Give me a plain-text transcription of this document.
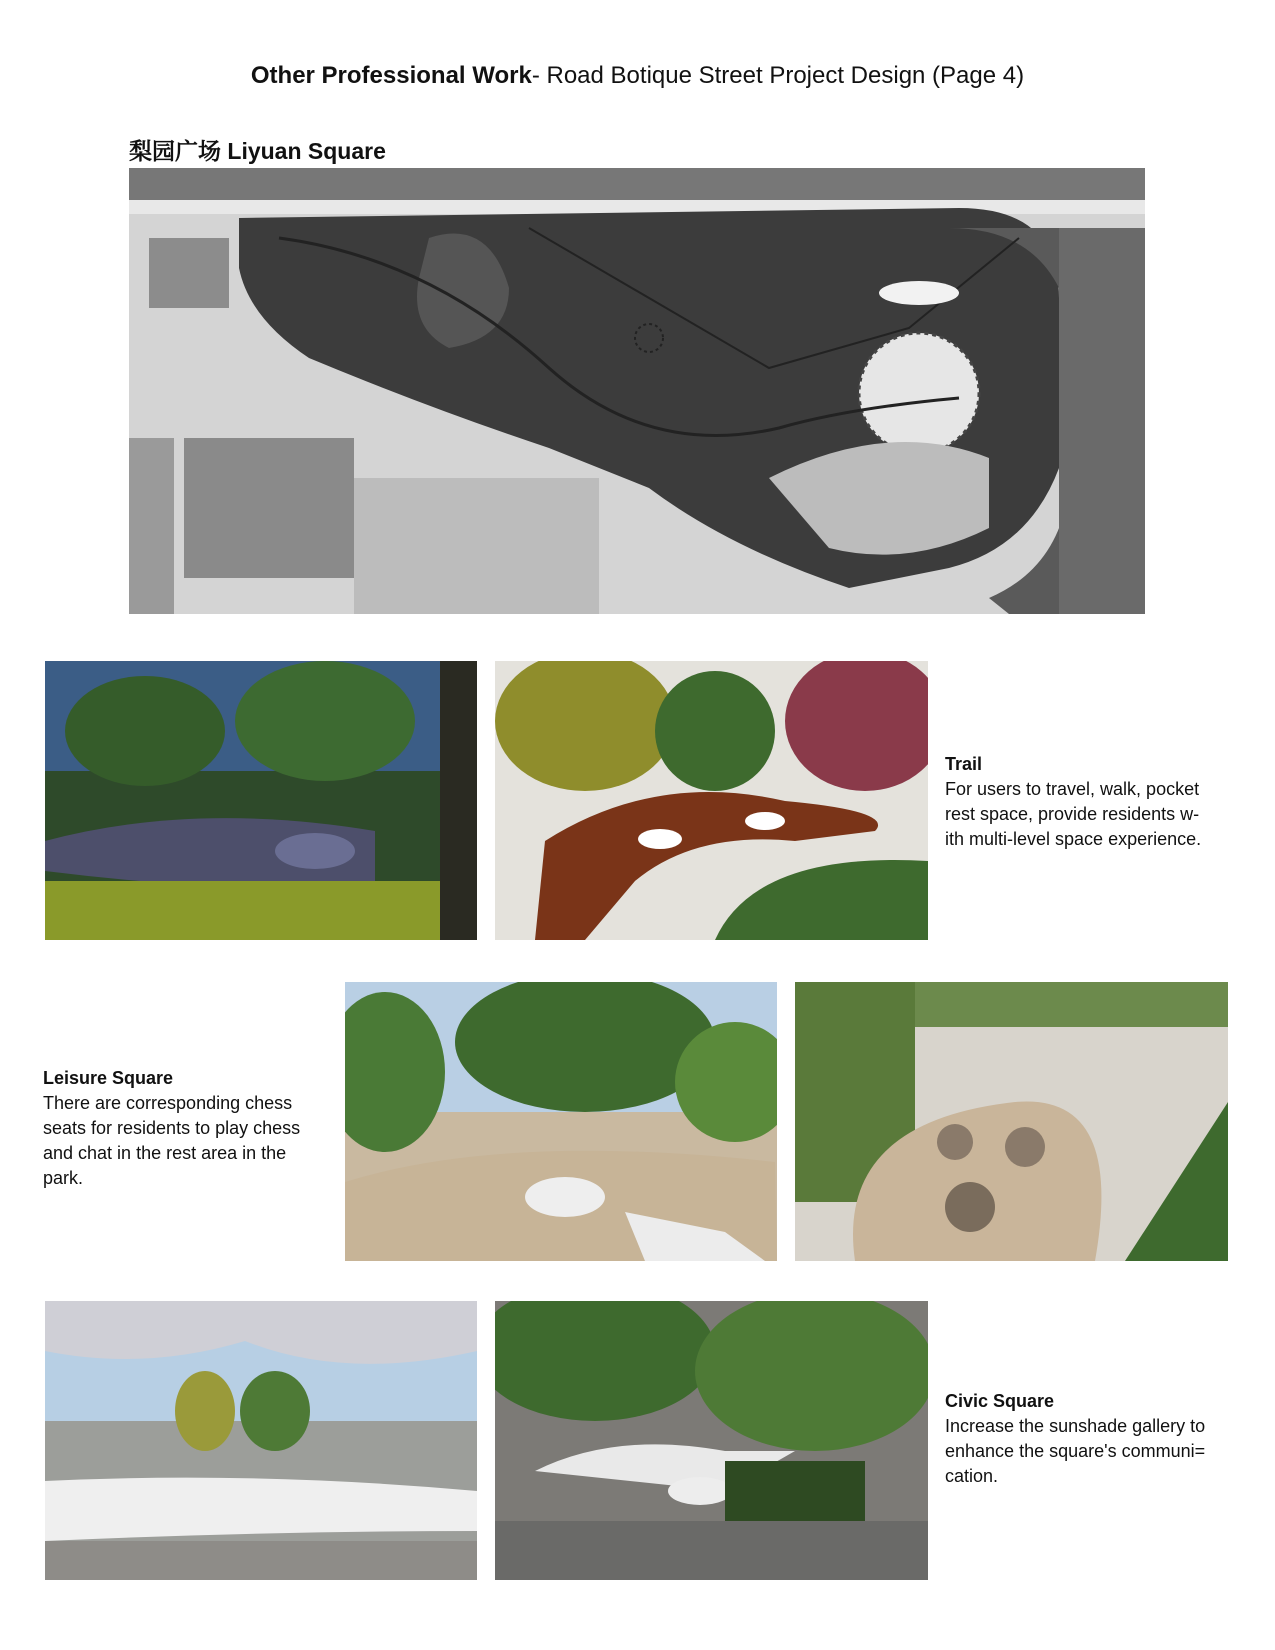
Other Professional Work- Road Botique Street Project Design (Page 4)
梨园广场 Liyuan Square
Trail
For users to travel, walk, pocket
rest space, provide residents w-
ith multi-level space experience.
Leisure Square
There are corresponding chess
seats for residents to play chess
and chat in the rest area in the
park.
Civic Square
Increase the sunshade gallery to
enhance the square's communi=
cation.
